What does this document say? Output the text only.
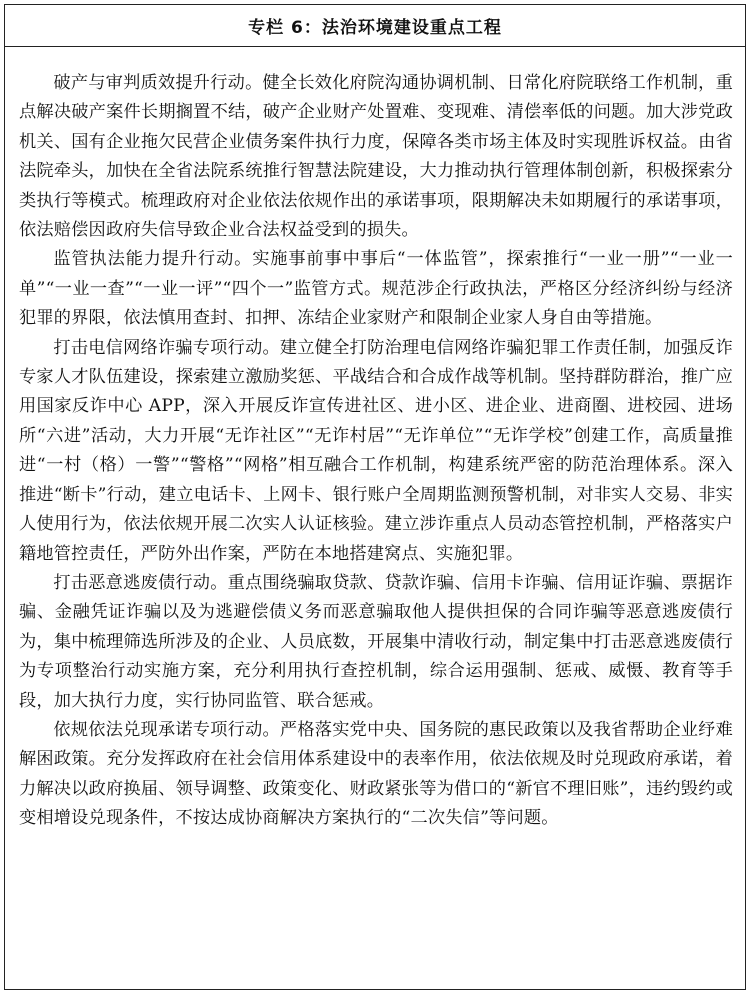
专栏 6：法治环境建设重点工程

破产与审判质效提升行动。健全长效化府院沟通协调机制、日常化府院联络工作机制，重点解决破产案件长期搁置不结，破产企业财产处置难、变现难、清偿率低的问题。加大涉党政机关、国有企业拖欠民营企业债务案件执行力度，保障各类市场主体及时实现胜诉权益。由省法院牵头，加快在全省法院系统推行智慧法院建设，大力推动执行管理体制创新，积极探索分类执行等模式。梳理政府对企业依法依规作出的承诺事项，限期解决未如期履行的承诺事项，依法赔偿因政府失信导致企业合法权益受到的损失。

监管执法能力提升行动。实施事前事中事后“一体监管”，探索推行“一业一册”“一业一单”“一业一查”“一业一评”“四个一”监管方式。规范涉企行政执法，严格区分经济纠纷与经济犯罪的界限，依法慎用查封、扣押、冻结企业家财产和限制企业家人身自由等措施。

打击电信网络诈骗专项行动。建立健全打防治理电信网络诈骗犯罪工作责任制，加强反诈专家人才队伍建设，探索建立激励奖惩、平战结合和合成作战等机制。坚持群防群治，推广应用国家反诈中心 APP，深入开展反诈宣传进社区、进小区、进企业、进商圈、进校园、进场所“六进”活动，大力开展“无诈社区”“无诈村居”“无诈单位”“无诈学校”创建工作，高质量推进“一村（格）一警”“警格”“网格”相互融合工作机制，构建系统严密的防范治理体系。深入推进“断卡”行动，建立电话卡、上网卡、银行账户全周期监测预警机制，对非实人交易、非实人使用行为，依法依规开展二次实人认证核验。建立涉诈重点人员动态管控机制，严格落实户籍地管控责任，严防外出作案，严防在本地搭建窝点、实施犯罪。

打击恶意逃废债行动。重点围绕骗取贷款、贷款诈骗、信用卡诈骗、信用证诈骗、票据诈骗、金融凭证诈骗以及为逃避偿债义务而恶意骗取他人提供担保的合同诈骗等恶意逃废债行为，集中梳理筛选所涉及的企业、人员底数，开展集中清收行动，制定集中打击恶意逃废债行为专项整治行动实施方案，充分利用执行查控机制，综合运用强制、惩戒、威慑、教育等手段，加大执行力度，实行协同监管、联合惩戒。

依规依法兑现承诺专项行动。严格落实党中央、国务院的惠民政策以及我省帮助企业纾难解困政策。充分发挥政府在社会信用体系建设中的表率作用，依法依规及时兑现政府承诺，着力解决以政府换届、领导调整、政策变化、财政紧张等为借口的“新官不理旧账”，违约毁约或变相增设兑现条件，不按达成协商解决方案执行的“二次失信”等问题。
